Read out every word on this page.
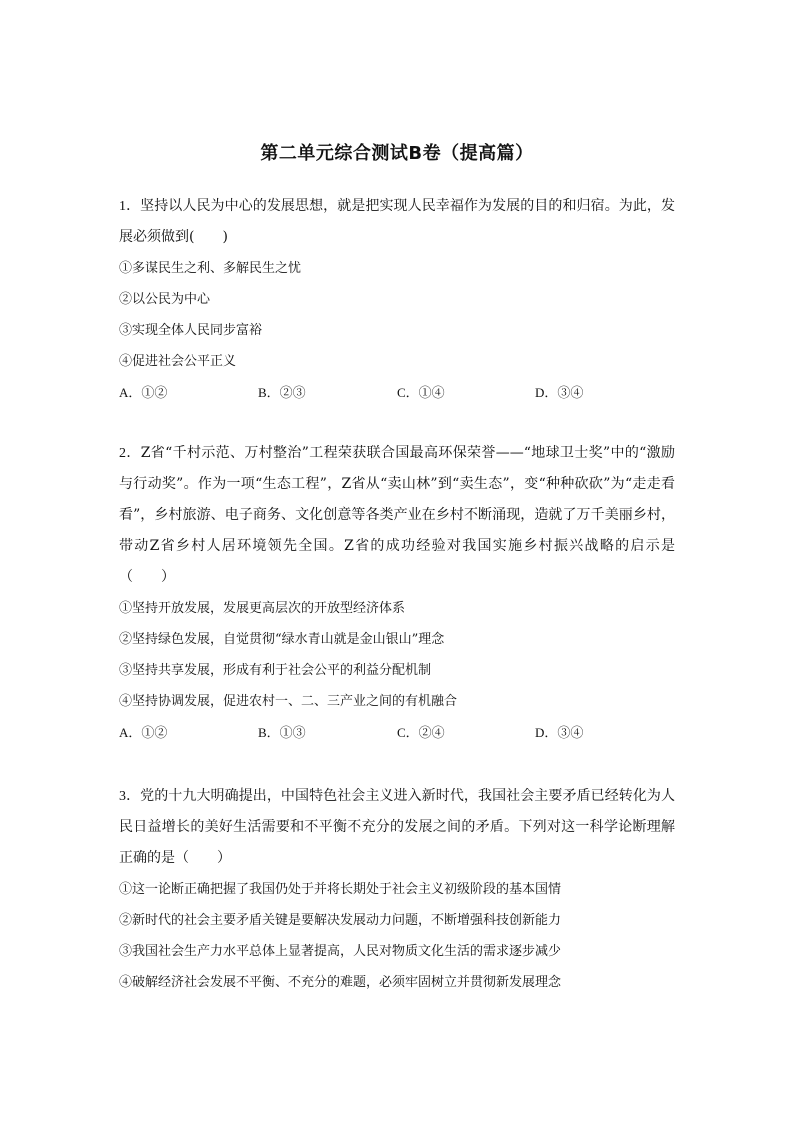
第二单元综合测试B卷（提高篇）

1．坚持以人民为中心的发展思想，就是把实现人民幸福作为发展的目的和归宿。为此，发展必须做到(　　)

①多谋民生之利、多解民生之忧

②以公民为中心

③实现全体人民同步富裕

④促进社会公平正义

A．①②	B．②③	C．①④	D．③④

2．Z省“千村示范、万村整治”工程荣获联合国最高环保荣誉——“地球卫士奖”中的“激励与行动奖”。作为一项“生态工程”，Z省从“卖山林”到“卖生态”，变“种种砍砍”为“走走看看”，乡村旅游、电子商务、文化创意等各类产业在乡村不断涌现，造就了万千美丽乡村，带动Z省乡村人居环境领先全国。Z省的成功经验对我国实施乡村振兴战略的启示是（　　）

①坚持开放发展，发展更高层次的开放型经济体系

②坚持绿色发展，自觉贯彻“绿水青山就是金山银山”理念

③坚持共享发展，形成有利于社会公平的利益分配机制

④坚持协调发展，促进农村一、二、三产业之间的有机融合

A．①②	B．①③	C．②④	D．③④

3．党的十九大明确提出，中国特色社会主义进入新时代，我国社会主要矛盾已经转化为人民日益增长的美好生活需要和不平衡不充分的发展之间的矛盾。下列对这一科学论断理解正确的是（　　）

①这一论断正确把握了我国仍处于并将长期处于社会主义初级阶段的基本国情

②新时代的社会主要矛盾关键是要解决发展动力问题，不断增强科技创新能力

③我国社会生产力水平总体上显著提高，人民对物质文化生活的需求逐步减少

④破解经济社会发展不平衡、不充分的难题，必须牢固树立并贯彻新发展理念
